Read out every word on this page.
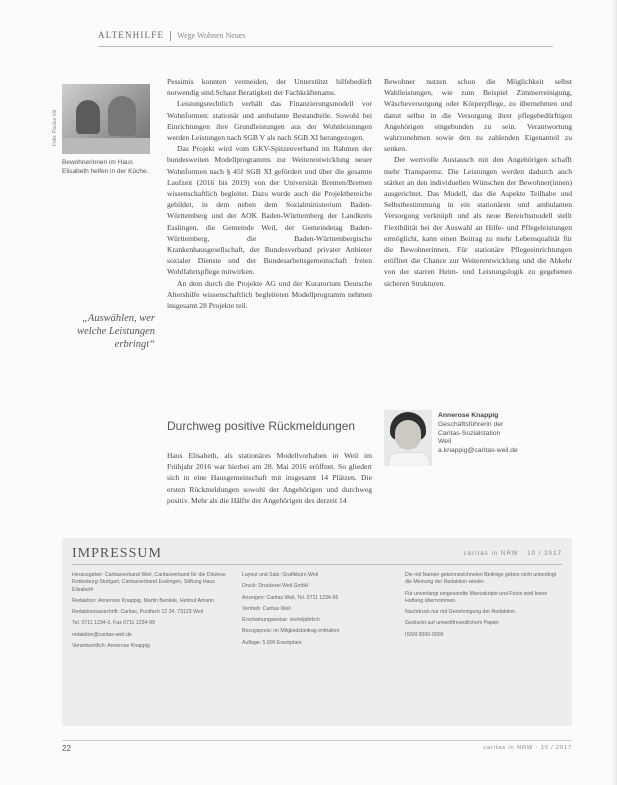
ALTENHILFE Wege Wohnen Neues
Foto: Paulus Vol
Bewohnerinnen im Haus Elisabeth helfen in der Küche.
„Auswählen, wer welche Leistungen erbringt“

Pessimis konnten vermeiden, der Unterstützt hilfebedürft notwendig sind.Schaut Beratigkeit der Fachkräftenams.

Leistungsrechtlich verhält das Finanzierungsmodell vor Wohnformen: stationär und ambulante Bestandteile. Sowohl bei Einrichtungen ihre Grundleistungen aus der Wohnleistungen werden Leistungen nach SGB V als nach SGB XI herangezogen.

Das Projekt wird vom GKV-Spitzenverband im Rahmen der bundesweiten Modellprogramms zur Weiterentwicklung neuer Wohnformen nach § 45f SGB XI gefördert und über die gesamte Laufzeit (2016 bis 2019) von der Universität Bremen/Bremen wissenschaftlich begleitet. Dazu wurde auch die Projektbereiche gebildet, in dem neben dem Sozialministerium Baden-Württemberg und der AOK Baden-Württemberg der Landkreis Esslingen, die Gemeinde Weil, der Gemeindetag Baden-Württemberg, die Baden-Württembergische Krankenhausgesellschaft, der Bundesverband privater Anbieter sozialer Dienste und der Bundesarbeitsgemeinschaft freien Wohlfahrtspflege mitwirken.

An dem durch die Projekte AG und der Kuratorium Deutsche Altershilfe wissenschaftlich begleiteten Modellprogramm nehmen insgesamt 28 Projekte teil.

Durchweg positive Rückmeldungen

Haus Elisabeth, als stationäres Modellvorhaben in Weil im Frühjahr 2016 war hierbei am 28. Mai 2016 eröffnet. So gliedert sich in eine Hausgemeinschaft mit insgesamt 14 Plätzen. Die ersten Rückmeldungen sowohl der Angehörigen und durchweg positiv. Mehr als die Hälfte der Angehörigen des derzeit 14

Bewohner nutzen schon die Möglichkeit selbst Wahlleistungen, wie zum Beispiel Zimmerreinigung, Wäscheversorgung oder Körperpflege, zu übernehmen und damit selbst in die Versorgung ihrer pflegebedürftigen Angehörigen eingebunden zu sein. Verantwortung wahrzunehmen sowie den zu zahlenden Eigenanteil zu senken.

Der wertvolle Austausch mit den Angehörigen schafft mehr Transparenz. Die Leistungen werden dadurch auch stärker an den individuellen Wünschen der Bewohner(innen) ausgerichtet. Das Modell, das die Aspekte Teilhabe und Selbstbestimmung in ein stationären und ambulanten Versorgung verknüpft und als neue Bereichsmodell stellt Flexibilität bei der Auswahl an Hilfe- und Pflegeleistungen ermöglicht, kann einen Beitrag zu mehr Lebensqualität für die Bewohnerinnen. Für stationäre Pflegeeinrichtungen eröffnet die Chance zur Weiterentwicklung und die Abkehr von der starren Heim- und Leistungslogik zu gegebenen sicheren Strukturen.

Annerose Knappig
Geschäftsführerin der
Caritas-Sozialstation
Weil
a.knappig@caritas-weil.de
IMPRESSUM	caritas in NRW · 10 / 2017

Herausgeber: Caritasverband Weil, Caritasverband für die Diözese Rottenburg-Stuttgart, Caritasverband Esslingen, Stiftung Haus Elisabeth

Redaktion: Annerose Knappig, Martin Bentele, Helmut Amann

Redaktionsanschrift: Caritas, Postfach 12 34, 73123 Weil

Tel. 0711 1234-0, Fax 0711 1234-99

redaktion@caritas-weil.de

Verantwortlich: Annerose Knappig

Layout und Satz: Grafikbüro Weil

Druck: Druckerei Weil GmbH

Anzeigen: Caritas Weil, Tel. 0711 1234-56

Vertrieb: Caritas Weil

Erscheinungsweise: vierteljährlich

Bezugspreis: im Mitgliedsbeitrag enthalten

Auflage: 5.000 Exemplare

Die mit Namen gekennzeichneten Beiträge geben nicht unbedingt die Meinung der Redaktion wieder.

Für unverlangt eingesandte Manuskripte und Fotos wird keine Haftung übernommen.

Nachdruck nur mit Genehmigung der Redaktion.

Gedruckt auf umweltfreundlichem Papier.

ISSN 0000-0000

22	caritas in NRW · 10 / 2017
